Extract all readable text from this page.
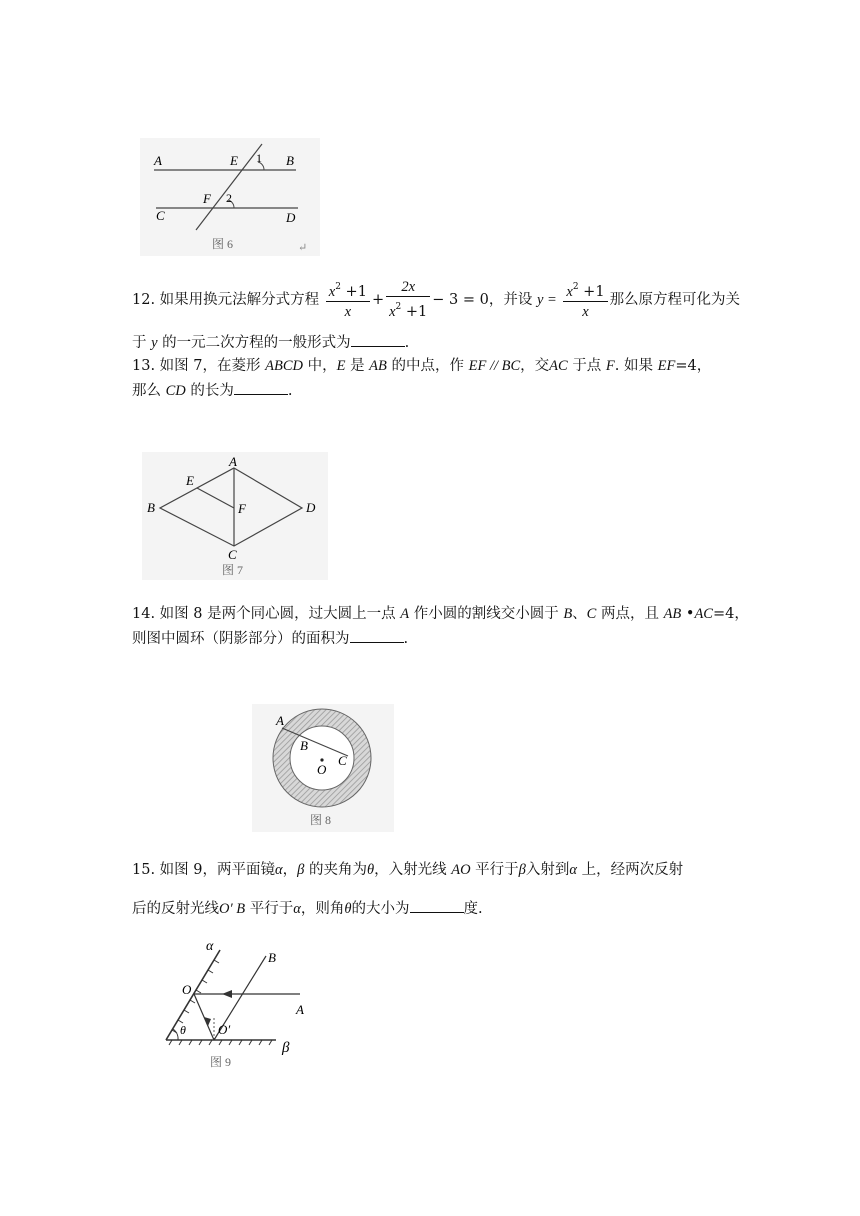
A	E 1 B
F 2
C	D
图 6	↵
12. 如果用换元法解分式方程 $\frac{x^2 +1}{x} + \frac{2x}{x^2 +1} - 3 = 0$，并设 $y = \frac{x^2 +1}{x}$ 那么原方程可化为关
于 y 的一元二次方程的一般形式为	.
13. 如图 7，在菱形 ABCD 中，E 是 AB 的中点，作 EF // BC，交AC 于点 F. 如果 EF=4，
那么 CD 的长为	.
A
E
B	F	D
C
图 7
14. 如图 8 是两个同心圆，过大圆上一点 A 作小圆的割线交小圆于 B、C 两点，且 AB •AC=4，
则图中圆环（阴影部分）的面积为	.
A
B
C
O
图 8
15. 如图 9，两平面镜α，β 的夹角为θ，入射光线 AO 平行于β入射到α 上，经两次反射
后的反射光线O′ B 平行于α，则角θ的大小为	度.
α
B
O
A
θ O′
β
图 9
